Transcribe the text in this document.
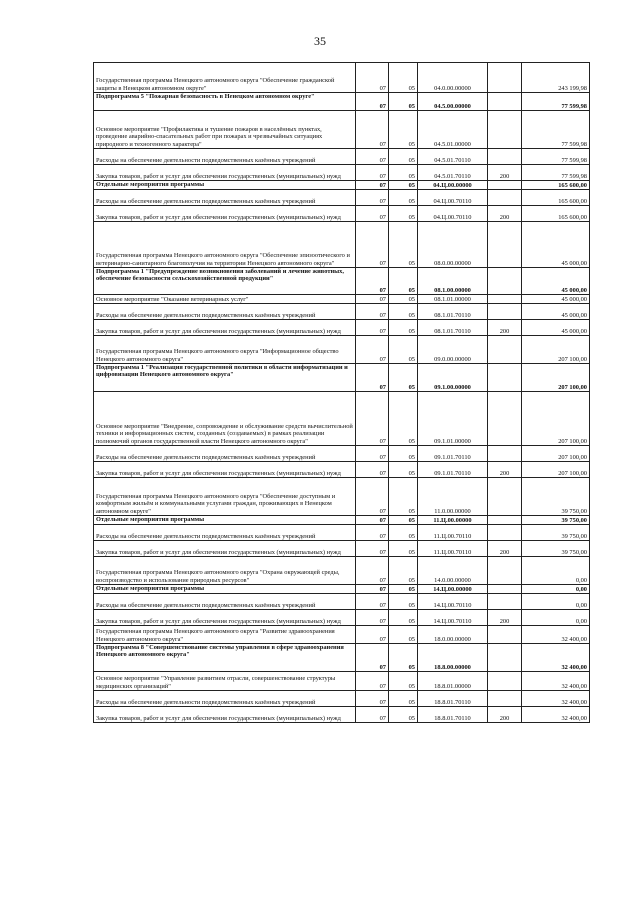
35
Государственная программа Ненецкого автономного округа "Обеспечение гражданской защиты в Ненецком автономном округе"	07	05	04.0.00.00000		243 199,98
Подпрограмма 5 "Пожарная безопасность в Ненецком автономном округе"	07	05	04.5.00.00000		77 599,98
Основное мероприятие "Профилактика и тушение пожаров в населённых пунктах, проведение аварийно-спасательных работ при пожарах и чрезвычайных ситуациях природного и техногенного характера"	07	05	04.5.01.00000		77 599,98
Расходы на обеспечение деятельности подведомственных казённых учреждений	07	05	04.5.01.70110		77 599,98
Закупка товаров, работ и услуг для обеспечения государственных (муниципальных) нужд	07	05	04.5.01.70110	200	77 599,98
Отдельные мероприятия программы	07	05	04.Ц.00.00000		165 600,00
Расходы на обеспечение деятельности подведомственных казённых учреждений	07	05	04.Ц.00.70110		165 600,00
Закупка товаров, работ и услуг для обеспечения государственных (муниципальных) нужд	07	05	04.Ц.00.70110	200	165 600,00
Государственная программа Ненецкого автономного округа "Обеспечение эпизоотического и ветеринарно-санитарного благополучия на территории Ненецкого автономного округа"	07	05	08.0.00.00000		45 000,00
Подпрограмма 1 "Предупреждение возникновения заболеваний и лечение животных, обеспечение безопасности сельскохозяйственной продукции"	07	05	08.1.00.00000		45 000,00
Основное мероприятие "Оказание ветеринарных услуг"	07	05	08.1.01.00000		45 000,00
Расходы на обеспечение деятельности подведомственных казённых учреждений	07	05	08.1.01.70110		45 000,00
Закупка товаров, работ и услуг для обеспечения государственных (муниципальных) нужд	07	05	08.1.01.70110	200	45 000,00
Государственная программа Ненецкого автономного округа "Информационное общество Ненецкого автономного округа"	07	05	09.0.00.00000		207 100,00
Подпрограмма 1 "Реализация государственной политики в области информатизации и цифровизации Ненецкого автономного округа"	07	05	09.1.00.00000		207 100,00
Основное мероприятие "Внедрение, сопровождение и обслуживание средств вычислительной техники и информационных систем, созданных (создаваемых) в рамках реализации полномочий органов государственной власти Ненецкого автономного округа"	07	05	09.1.01.00000		207 100,00
Расходы на обеспечение деятельности подведомственных казённых учреждений	07	05	09.1.01.70110		207 100,00
Закупка товаров, работ и услуг для обеспечения государственных (муниципальных) нужд	07	05	09.1.01.70110	200	207 100,00
Государственная программа Ненецкого автономного округа "Обеспечение доступным и комфортным жильём и коммунальными услугами граждан, проживающих в Ненецком автономном округе"	07	05	11.0.00.00000		39 750,00
Отдельные мероприятия программы	07	05	11.Ц.00.00000		39 750,00
Расходы на обеспечение деятельности подведомственных казённых учреждений	07	05	11.Ц.00.70110		39 750,00
Закупка товаров, работ и услуг для обеспечения государственных (муниципальных) нужд	07	05	11.Ц.00.70110	200	39 750,00
Государственная программа Ненецкого автономного округа "Охрана окружающей среды, воспроизводство и использование природных ресурсов"	07	05	14.0.00.00000		0,00
Отдельные мероприятия программы	07	05	14.Ц.00.00000		0,00
Расходы на обеспечение деятельности подведомственных казённых учреждений	07	05	14.Ц.00.70110		0,00
Закупка товаров, работ и услуг для обеспечения государственных (муниципальных) нужд	07	05	14.Ц.00.70110	200	0,00
Государственная программа Ненецкого автономного округа "Развитие здравоохранения Ненецкого автономного округа"	07	05	18.0.00.00000		32 400,00
Подпрограмма 8 "Совершенствование системы управления в сфере здравоохранения Ненецкого автономного округа"	07	05	18.8.00.00000		32 400,00
Основное мероприятие "Управление развитием отрасли, совершенствование структуры медицинских организаций"	07	05	18.8.01.00000		32 400,00
Расходы на обеспечение деятельности подведомственных казённых учреждений	07	05	18.8.01.70110		32 400,00
Закупка товаров, работ и услуг для обеспечения государственных (муниципальных) нужд	07	05	18.8.01.70110	200	32 400,00
